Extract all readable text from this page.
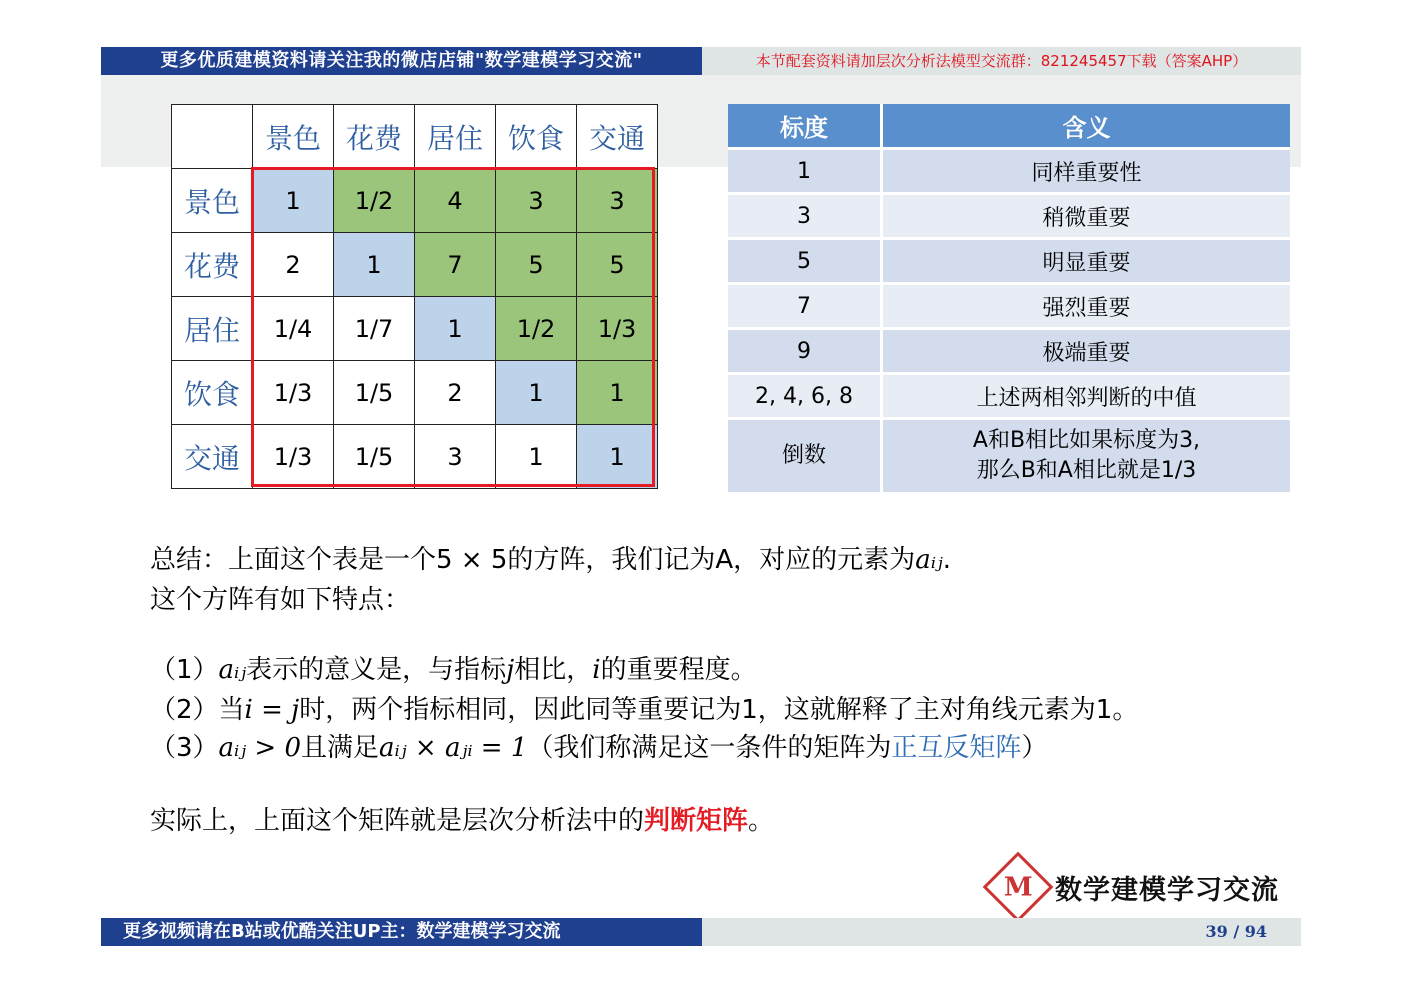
更多优质建模资料请关注我的微店店铺"数学建模学习交流"	本节配套资料请加层次分析法模型交流群：821245457下载（答案AHP）
	景色	花费	居住	饮食	交通
景色	1	1/2	4	3	3
花费	2	1	7	5	5
居住	1/4	1/7	1	1/2	1/3
饮食	1/3	1/5	2	1	1
交通	1/3	1/5	3	1	1
标度	含义
1	同样重要性
3	稍微重要
5	明显重要
7	强烈重要
9	极端重要
2, 4, 6, 8	上述两相邻判断的中值
倒数	A和B相比如果标度为3,
那么B和A相比就是1/3
总结：上面这个表是一个5 × 5的方阵，我们记为A，对应的元素为aᵢⱼ.
这个方阵有如下特点：
（1）aᵢⱼ表示的意义是，与指标j相比，i的重要程度。
（2）当i = j时，两个指标相同，因此同等重要记为1，这就解释了主对角线元素为1。
（3）aᵢⱼ > 0且满足aᵢⱼ × aⱼᵢ = 1（我们称满足这一条件的矩阵为正互反矩阵）
实际上，上面这个矩阵就是层次分析法中的判断矩阵。
M 数学建模学习交流
更多视频请在B站或优酷关注UP主：数学建模学习交流	39 / 94
